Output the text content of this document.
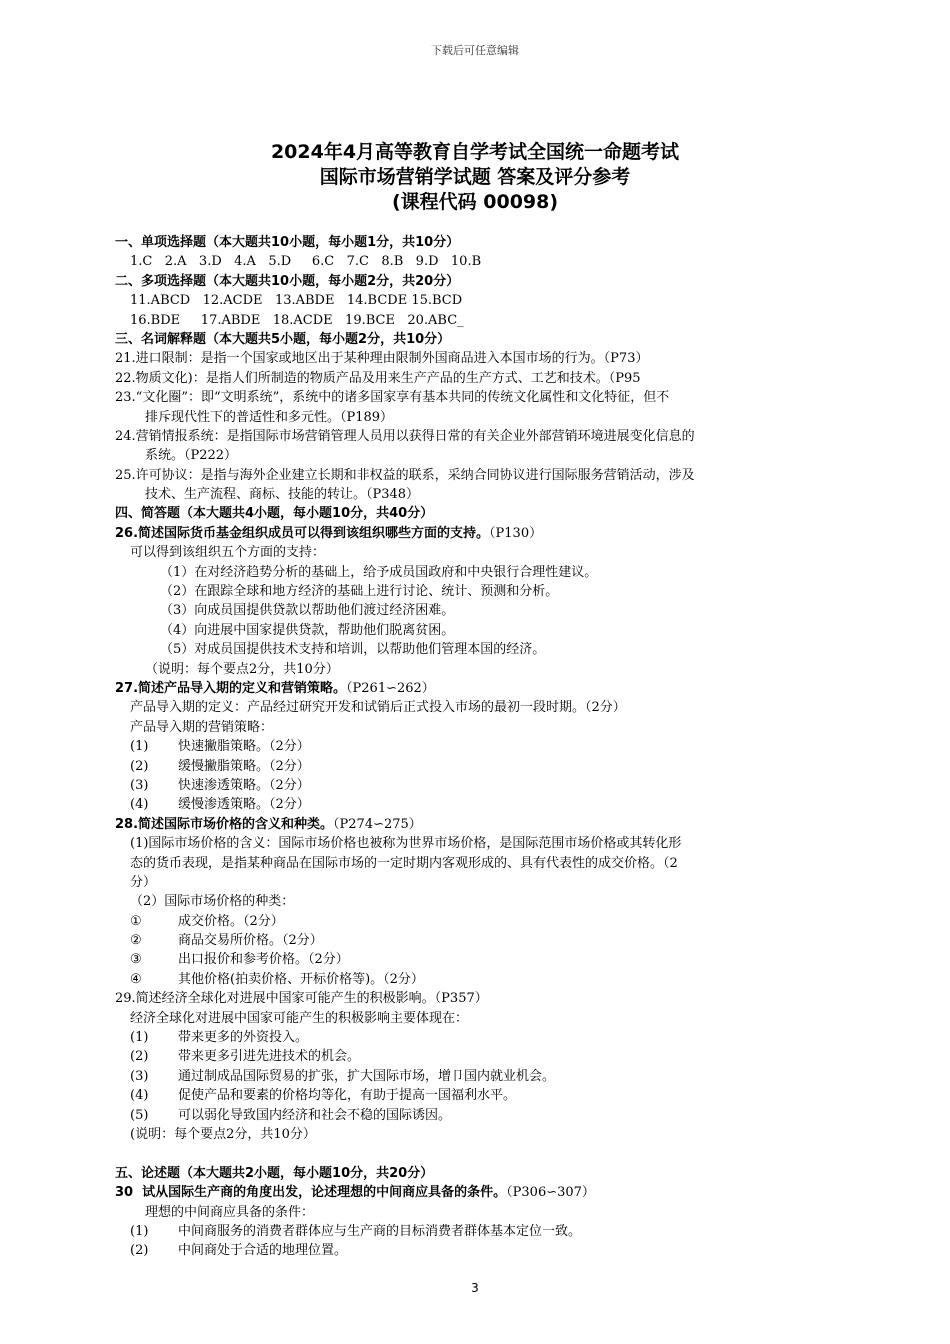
下载后可任意编辑
2024年4月高等教育自学考试全国统一命题考试
国际市场营销学试题 答案及评分参考
(课程代码 00098)
一、单项选择题（本大题共10小题，每小题1分，共10分）
1.C   2.A   3.D   4.A   5.D     6.C   7.C   8.B   9.D   10.B
二、多项选择题（本大题共10小题，每小题2分，共20分）
11.ABCD   12.ACDE   13.ABDE   14.BCDE 15.BCD
16.BDE     17.ABDE   18.ACDE   19.BCE   20.ABC_
三、名词解释题（本大题共5小题，每小题2分，共10分）
21.进口限制：是指一个国家或地区出于某种理由限制外国商品进入本国市场的行为。（P73）
22.物质文化)：是指人们所制造的物质产品及用来生产产品的生产方式、工艺和技术。（P95
23.“文化圈”：即“文明系统”，系统中的诸多国家享有基本共同的传统文化属性和文化特征，但不
排斥现代性下的普适性和多元性。（P189）
24.营销情报系统：是指国际市场营销管理人员用以获得日常的有关企业外部营销环境进展变化信息的
系统。（P222）
25.许可协议：是指与海外企业建立长期和非权益的联系，采纳合同协议进行国际服务营销活动，涉及
技术、生产流程、商标、技能的转让。（P348）
四、简答题（本大题共4小题，每小题10分，共40分）
26.简述国际货币基金组织成员可以得到该组织哪些方面的支持。（P130）
可以得到该组织五个方面的支持：
（1）在对经济趋势分析的基础上，给予成员国政府和中央银行合理性建议。
（2）在跟踪全球和地方经济的基础上进行讨论、统计、预测和分析。
（3）向成员国提供贷款以帮助他们渡过经济困难。
（4）向进展中国家提供贷款，帮助他们脱离贫困。
（5）对成员国提供技术支持和培训，以帮助他们管理本国的经济。
（说明：每个要点2分，共10分）
27.简述产品导入期的定义和营销策略。（P261∽262）
产品导入期的定义：产品经过研究开发和试销后正式投入市场的最初一段时期。（2分）
产品导入期的营销策略：
(1) 快速撇脂策略。（2分）
(2) 缓慢撇脂策略。（2分）
(3) 快速渗透策略。（2分）
(4) 缓慢渗透策略。（2分）
28.简述国际市场价格的含义和种类。（P274∽275）
(1)国际市场价格的含义：国际市场价格也被称为世界市场价格，是国际范围市场价格或其转化形
态的货币表现，是指某种商品在国际市场的一定时期内客观形成的、具有代表性的成交价格。（2
分）
（2）国际市场价格的种类：
①	成交价格。（2分）
②	商品交易所价格。（2分）
③	出口报价和参考价格。（2分）
④	其他价格(拍卖价格、开标价格等)。（2分）
29.简述经济全球化对进展中国家可能产生的积极影响。（P357）
经济全球化对进展中国家可能产生的积极影响主要体现在：
(1) 带来更多的外资投入。
(2) 带来更多引进先进技术的机会。
(3) 通过制成品国际贸易的扩张，扩大国际市场，增卩国内就业机会。
(4) 促使产品和要素的价格均等化，有助于提高一国福利水平。
(5) 可以弱化导致国内经济和社会不稳的国际诱因。
(说明：每个要点2分，共10分）
五、论述题（本大题共2小题，每小题10分，共20分）
30  试从国际生产商的角度出发，论述理想的中间商应具备的条件。（P306∽307）
理想的中间商应具备的条件：
(1) 中间商服务的消费者群体应与生产商的目标消费者群体基本定位一致。
(2) 中间商处于合适的地理位置。
3
